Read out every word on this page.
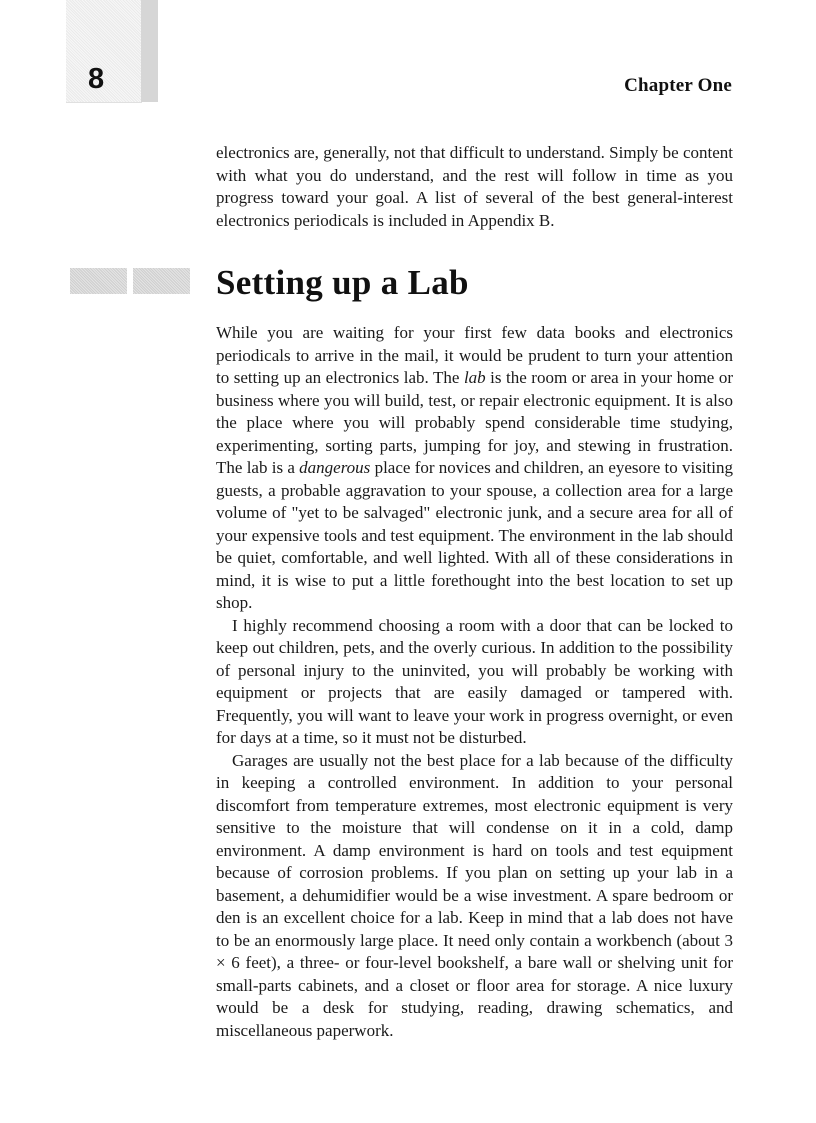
8	Chapter One

electronics are, generally, not that difficult to understand. Simply be content with what you do understand, and the rest will follow in time as you progress toward your goal. A list of several of the best general-interest electronics periodicals is included in Appendix B.

Setting up a Lab

While you are waiting for your first few data books and electronics periodicals to arrive in the mail, it would be prudent to turn your attention to setting up an electronics lab. The lab is the room or area in your home or business where you will build, test, or repair electronic equipment. It is also the place where you will probably spend considerable time studying, experimenting, sorting parts, jumping for joy, and stewing in frustration. The lab is a dangerous place for novices and children, an eyesore to visiting guests, a probable aggravation to your spouse, a collection area for a large volume of "yet to be salvaged" electronic junk, and a secure area for all of your expensive tools and test equipment. The environment in the lab should be quiet, comfortable, and well lighted. With all of these considerations in mind, it is wise to put a little forethought into the best location to set up shop.

I highly recommend choosing a room with a door that can be locked to keep out children, pets, and the overly curious. In addition to the possibility of personal injury to the uninvited, you will probably be working with equipment or projects that are easily damaged or tampered with. Frequently, you will want to leave your work in progress overnight, or even for days at a time, so it must not be disturbed.

Garages are usually not the best place for a lab because of the difficulty in keeping a controlled environment. In addition to your personal discomfort from temperature extremes, most electronic equipment is very sensitive to the moisture that will condense on it in a cold, damp environment. A damp environment is hard on tools and test equipment because of corrosion problems. If you plan on setting up your lab in a basement, a dehumidifier would be a wise investment. A spare bedroom or den is an excellent choice for a lab. Keep in mind that a lab does not have to be an enormously large place. It need only contain a workbench (about 3 × 6 feet), a three- or four-level bookshelf, a bare wall or shelving unit for small-parts cabinets, and a closet or floor area for storage. A nice luxury would be a desk for studying, reading, drawing schematics, and miscellaneous paperwork.
